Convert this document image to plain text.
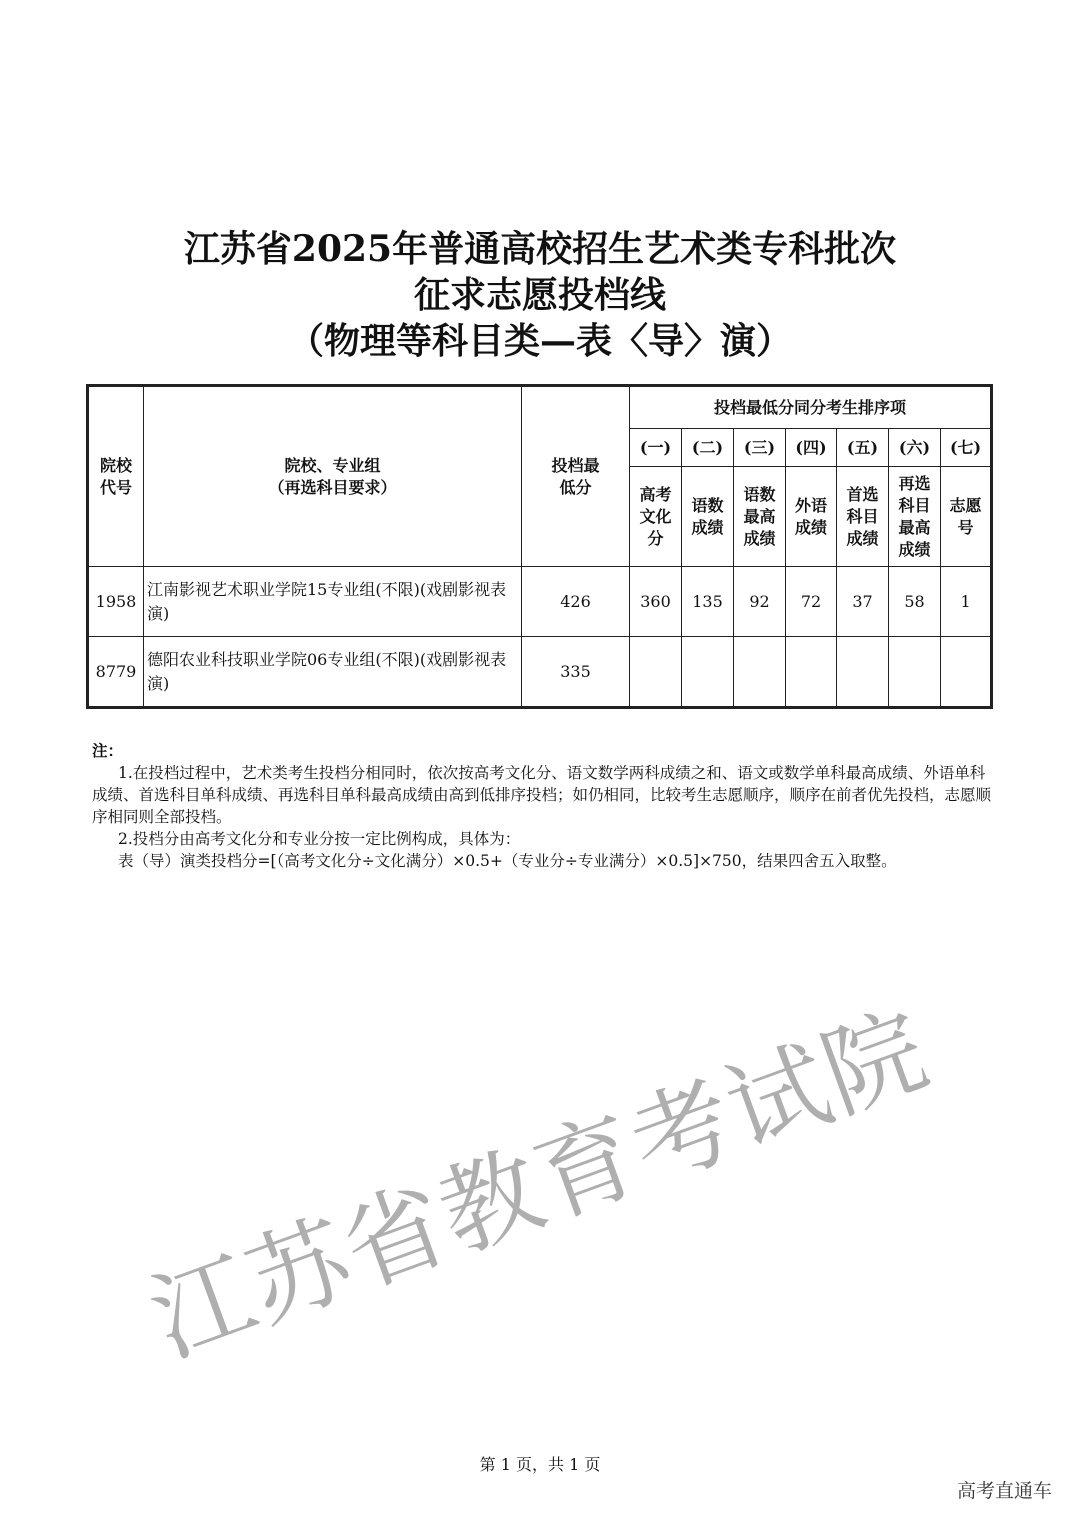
江苏省2025年普通高校招生艺术类专科批次
征求志愿投档线
（物理等科目类—表〈导〉演）
院校代号	院校、专业组
（再选科目要求）	投档最低分	投档最低分同分考生排序项						
			(一)	(二)	(三)	(四)	(五)	(六)	(七)

			高考文化分	语数成绩	语数最高成绩	外语成绩	首选科目成绩	再选科目最高成绩	志愿号

1958	江南影视艺术职业学院15专业组(不限)(戏剧影视表演)	426	360	135	92	72	37	58	1
8779	德阳农业科技职业学院06专业组(不限)(戏剧影视表演)	335							

注：

1.在投档过程中，艺术类考生投档分相同时，依次按高考文化分、语文数学两科成绩之和、语文或数学单科最高成绩、外语单科成绩、首选科目单科成绩、再选科目单科最高成绩由高到低排序投档；如仍相同，比较考生志愿顺序，顺序在前者优先投档，志愿顺序相同则全部投档。

2.投档分由高考文化分和专业分按一定比例构成，具体为：

表（导）演类投档分=[（高考文化分÷文化满分）×0.5+（专业分÷专业满分）×0.5]×750，结果四舍五入取整。

第 1 页，共 1 页
高考直通车
江苏省教育考试院
